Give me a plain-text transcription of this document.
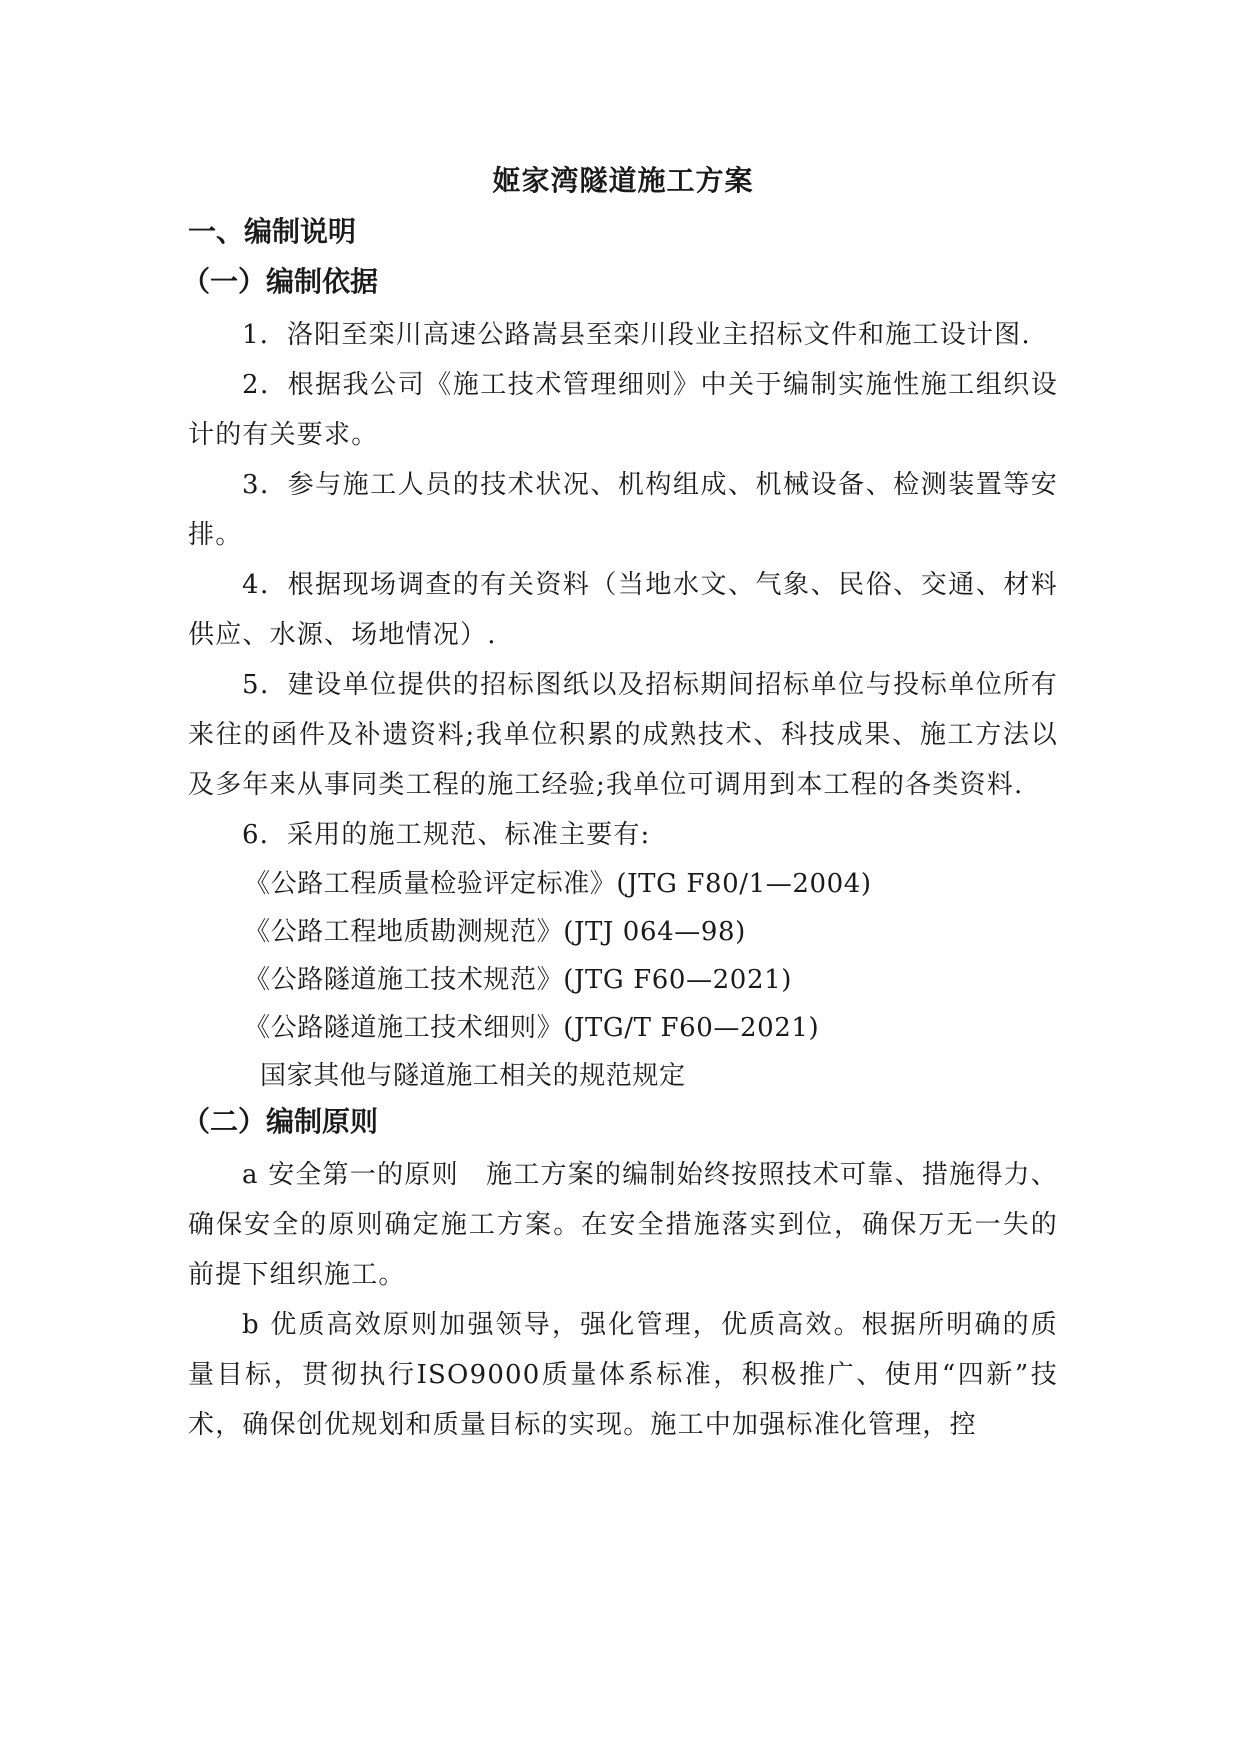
姬家湾隧道施工方案
一、编制说明
（一）编制依据

1．洛阳至栾川高速公路嵩县至栾川段业主招标文件和施工设计图.

2．根据我公司《施工技术管理细则》中关于编制实施性施工组织设计的有关要求。

3．参与施工人员的技术状况、机构组成、机械设备、检测装置等安排。

4．根据现场调查的有关资料（当地水文、气象、民俗、交通、材料供应、水源、场地情况）.

5．建设单位提供的招标图纸以及招标期间招标单位与投标单位所有来往的函件及补遗资料;我单位积累的成熟技术、科技成果、施工方法以及多年来从事同类工程的施工经验;我单位可调用到本工程的各类资料.

6．采用的施工规范、标准主要有:

《公路工程质量检验评定标准》(JTG F80/1—2004)
《公路工程地质勘测规范》(JTJ 064—98)
《公路隧道施工技术规范》(JTG F60—2021)
《公路隧道施工技术细则》(JTG/T F60—2021)
国家其他与隧道施工相关的规范规定
（二）编制原则

a 安全第一的原则　施工方案的编制始终按照技术可靠、措施得力、确保安全的原则确定施工方案。在安全措施落实到位，确保万无一失的前提下组织施工。

b 优质高效原则加强领导，强化管理，优质高效。根据所明确的质量目标，贯彻执行ISO9000质量体系标准，积极推广、使用“四新”技术，确保创优规划和质量目标的实现。施工中加强标准化管理，控
